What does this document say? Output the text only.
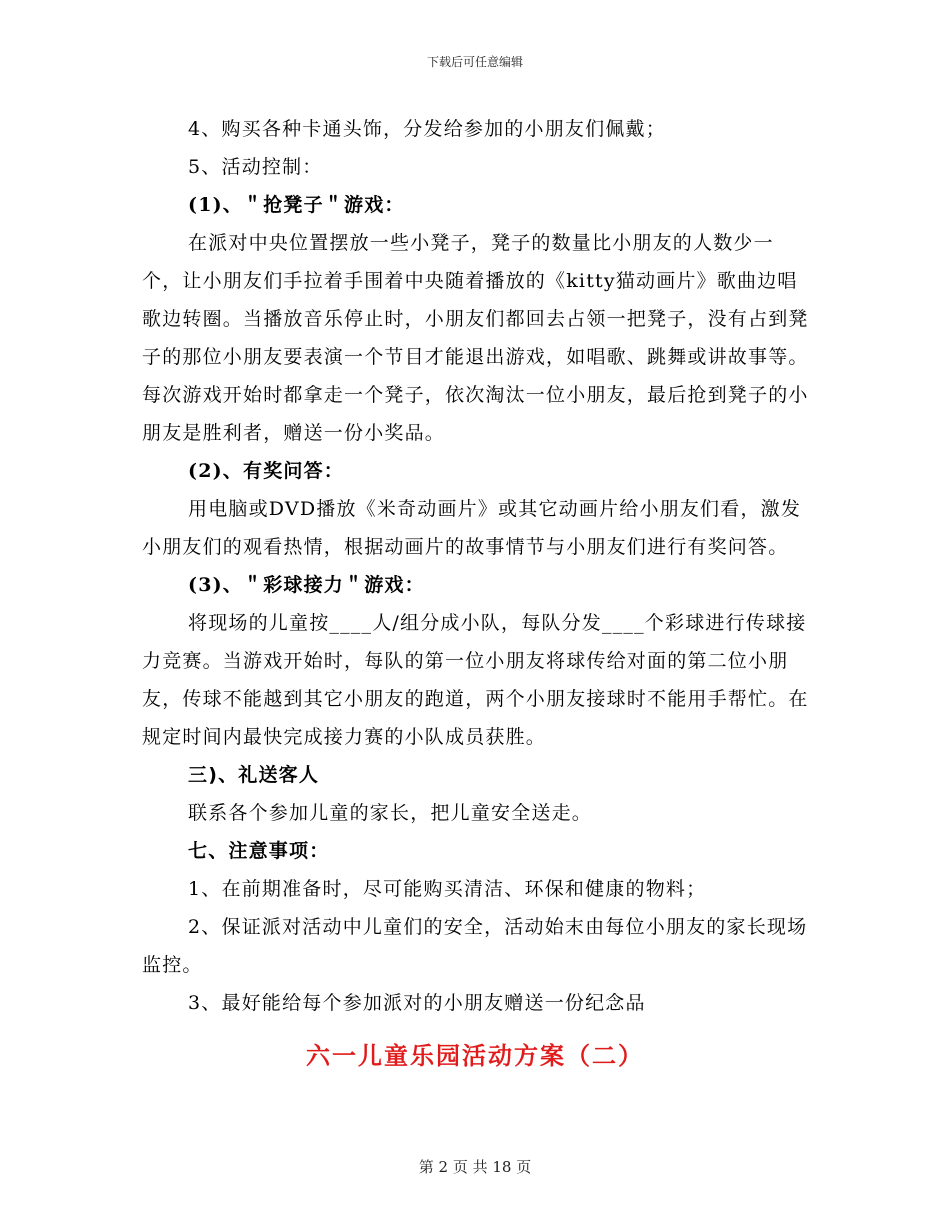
下载后可任意编辑

4、购买各种卡通头饰，分发给参加的小朋友们佩戴；

5、活动控制：

(1)、＂抢凳子＂游戏：

在派对中央位置摆放一些小凳子，凳子的数量比小朋友的人数少一个，让小朋友们手拉着手围着中央随着播放的《kitty猫动画片》歌曲边唱歌边转圈。当播放音乐停止时，小朋友们都回去占领一把凳子，没有占到凳子的那位小朋友要表演一个节目才能退出游戏，如唱歌、跳舞或讲故事等。每次游戏开始时都拿走一个凳子，依次淘汰一位小朋友，最后抢到凳子的小朋友是胜利者，赠送一份小奖品。

(2)、有奖问答：

用电脑或DVD播放《米奇动画片》或其它动画片给小朋友们看，激发小朋友们的观看热情，根据动画片的故事情节与小朋友们进行有奖问答。

(3)、＂彩球接力＂游戏：

将现场的儿童按____人/组分成小队，每队分发____个彩球进行传球接力竞赛。当游戏开始时，每队的第一位小朋友将球传给对面的第二位小朋友，传球不能越到其它小朋友的跑道，两个小朋友接球时不能用手帮忙。在规定时间内最快完成接力赛的小队成员获胜。

三)、礼送客人

联系各个参加儿童的家长，把儿童安全送走。

七、注意事项：

1、在前期准备时，尽可能购买清洁、环保和健康的物料；

2、保证派对活动中儿童们的安全，活动始末由每位小朋友的家长现场监控。

3、最好能给每个参加派对的小朋友赠送一份纪念品

六一儿童乐园活动方案（二）
第 2 页 共 18 页
